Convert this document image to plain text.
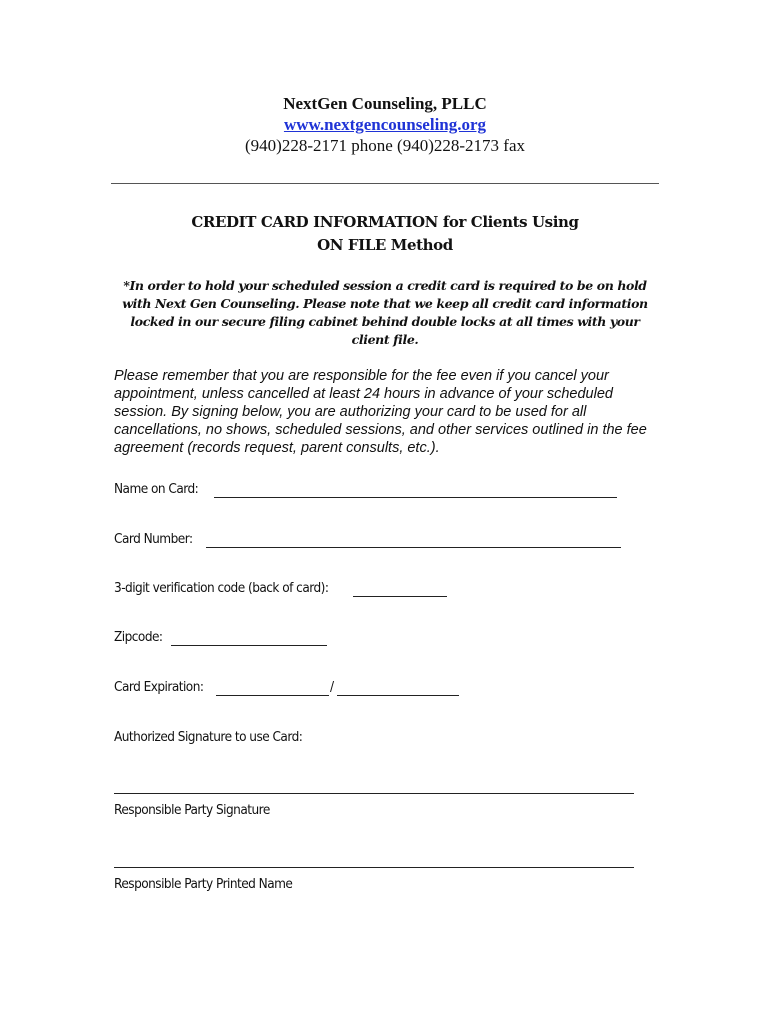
NextGen Counseling, PLLC
www.nextgencounseling.org
(940)228-2171 phone (940)228-2173 fax
CREDIT CARD INFORMATION for Clients Using
ON FILE Method
*In order to hold your scheduled session a credit card is required to be on hold with Next Gen Counseling. Please note that we keep all credit card information locked in our secure filing cabinet behind double locks at all times with your client file.
Please remember that you are responsible for the fee even if you cancel your appointment, unless cancelled at least 24 hours in advance of your scheduled session. By signing below, you are authorizing your card to be used for all cancellations, no shows, scheduled sessions, and other services outlined in the fee agreement (records request, parent consults, etc.).
Name on Card:
Card Number:
3-digit verification code (back of card):
Zipcode:
Card Expiration:	/
Authorized Signature to use Card:
Responsible Party Signature
Responsible Party Printed Name
